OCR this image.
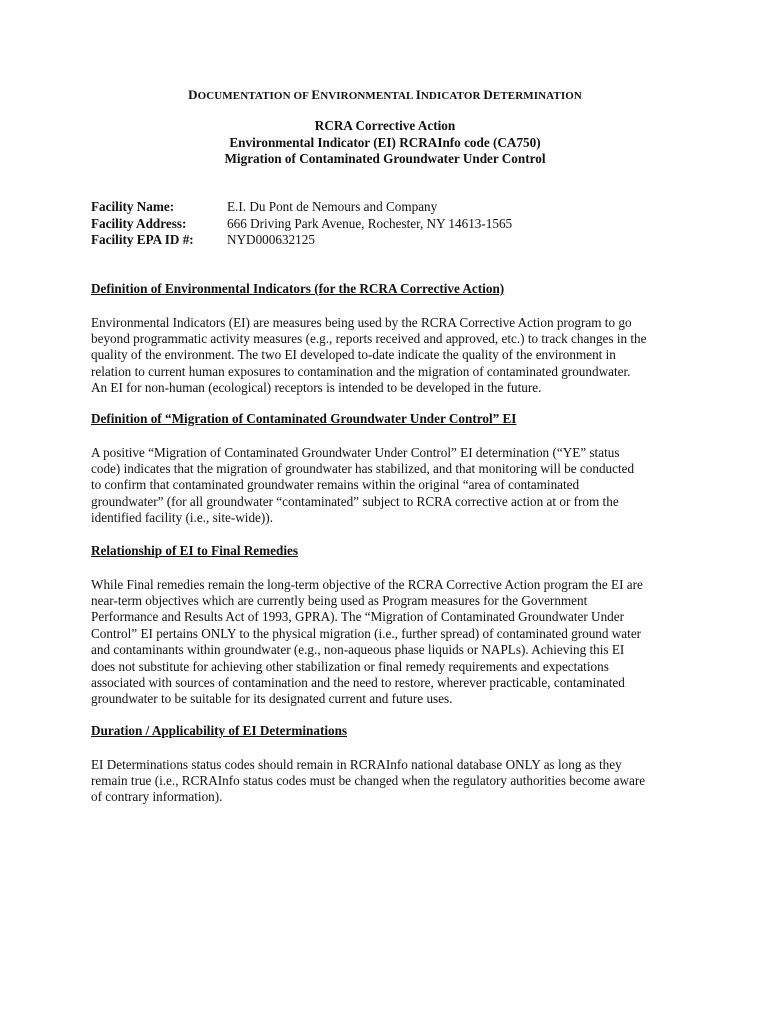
DOCUMENTATION OF ENVIRONMENTAL INDICATOR DETERMINATION
RCRA Corrective Action
Environmental Indicator (EI) RCRAInfo code (CA750)
Migration of Contaminated Groundwater Under Control
Facility Name:	E.I. Du Pont de Nemours and Company
Facility Address:	666 Driving Park Avenue, Rochester, NY 14613-1565
Facility EPA ID #:	NYD000632125
Definition of Environmental Indicators (for the RCRA Corrective Action)
Environmental Indicators (EI) are measures being used by the RCRA Corrective Action program to go
beyond programmatic activity measures (e.g., reports received and approved, etc.) to track changes in the
quality of the environment. The two EI developed to-date indicate the quality of the environment in
relation to current human exposures to contamination and the migration of contaminated groundwater.
An EI for non-human (ecological) receptors is intended to be developed in the future.
Definition of “Migration of Contaminated Groundwater Under Control” EI
A positive “Migration of Contaminated Groundwater Under Control” EI determination (“YE” status
code) indicates that the migration of groundwater has stabilized, and that monitoring will be conducted
to confirm that contaminated groundwater remains within the original “area of contaminated
groundwater” (for all groundwater “contaminated” subject to RCRA corrective action at or from the
identified facility (i.e., site-wide)).
Relationship of EI to Final Remedies
While Final remedies remain the long-term objective of the RCRA Corrective Action program the EI are
near-term objectives which are currently being used as Program measures for the Government
Performance and Results Act of 1993, GPRA). The “Migration of Contaminated Groundwater Under
Control” EI pertains ONLY to the physical migration (i.e., further spread) of contaminated ground water
and contaminants within groundwater (e.g., non-aqueous phase liquids or NAPLs). Achieving this EI
does not substitute for achieving other stabilization or final remedy requirements and expectations
associated with sources of contamination and the need to restore, wherever practicable, contaminated
groundwater to be suitable for its designated current and future uses.
Duration / Applicability of EI Determinations
EI Determinations status codes should remain in RCRAInfo national database ONLY as long as they
remain true (i.e., RCRAInfo status codes must be changed when the regulatory authorities become aware
of contrary information).
